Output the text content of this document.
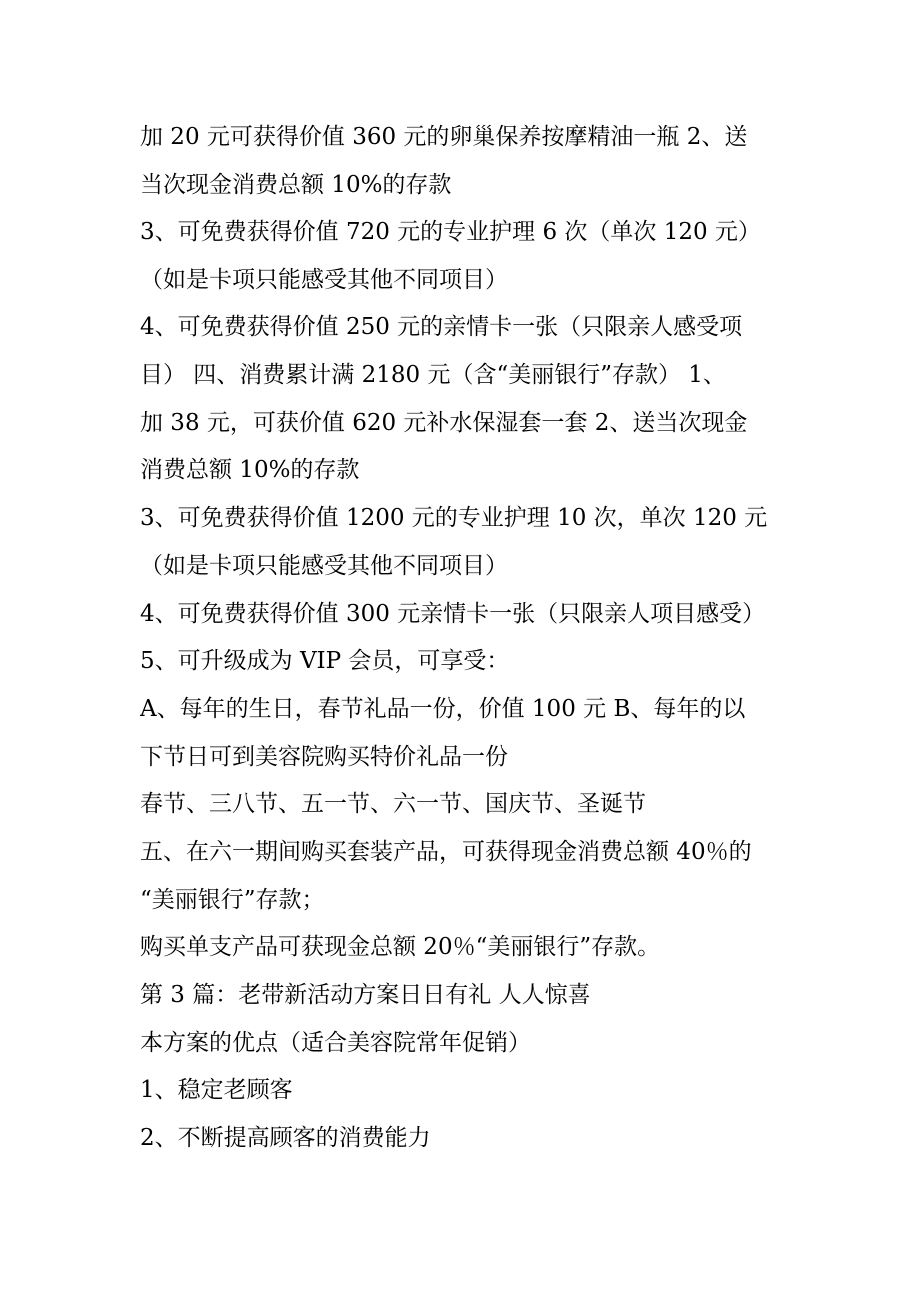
加 20 元可获得价值 360 元的卵巢保养按摩精油一瓶 2、送
当次现金消费总额 10%的存款
3、可免费获得价值 720 元的专业护理 6 次（单次 120 元）
（如是卡项只能感受其他不同项目）
4、可免费获得价值 250 元的亲情卡一张（只限亲人感受项
目） 四、消费累计满 2180 元（含“美丽银行”存款） 1、
加 38 元，可获价值 620 元补水保湿套一套 2、送当次现金
消费总额 10%的存款
3、可免费获得价值 1200 元的专业护理 10 次，单次 120 元
（如是卡项只能感受其他不同项目）
4、可免费获得价值 300 元亲情卡一张（只限亲人项目感受）
5、可升级成为 VIP 会员，可享受：
A、每年的生日，春节礼品一份，价值 100 元 B、每年的以
下节日可到美容院购买特价礼品一份
春节、三八节、五一节、六一节、国庆节、圣诞节
五、在六一期间购买套装产品，可获得现金消费总额 40％的
“美丽银行”存款；
购买单支产品可获现金总额 20％“美丽银行”存款。
第 3 篇：老带新活动方案日日有礼 人人惊喜
本方案的优点（适合美容院常年促销）
1、稳定老顾客
2、不断提高顾客的消费能力
